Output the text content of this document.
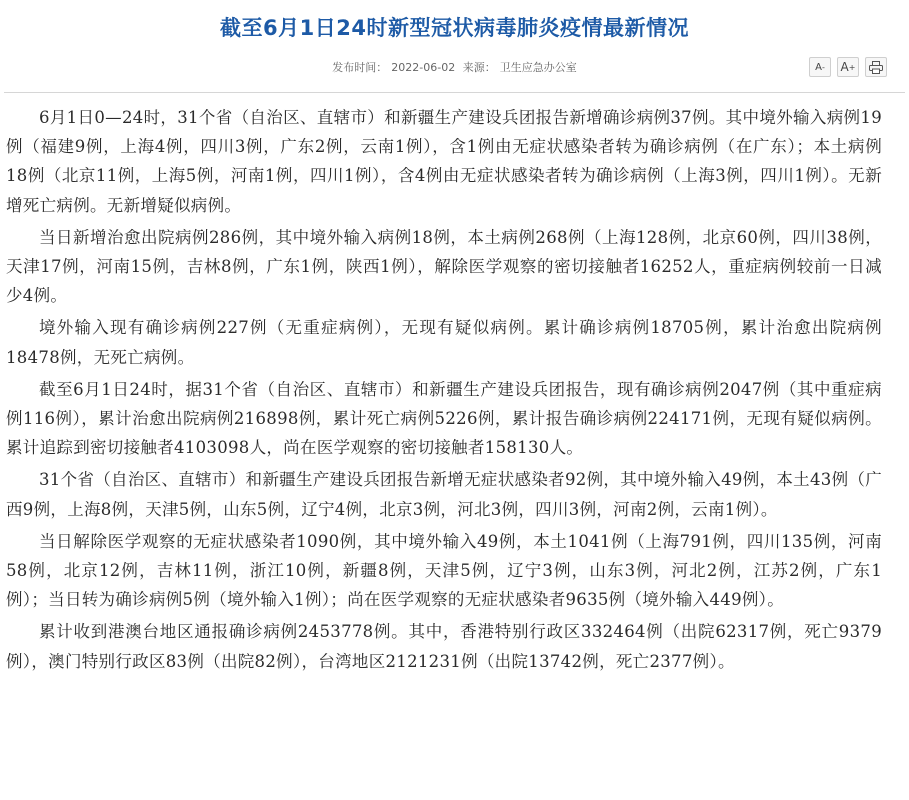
截至6月1日24时新型冠状病毒肺炎疫情最新情况
发布时间： 2022-06-02 来源： 卫生应急办公室	A - A +

6月1日0—24时，31个省（自治区、直辖市）和新疆生产建设兵团报告新增确诊病例37例。其中境外输入病例19例（福建9例，上海4例，四川3例，广东2例，云南1例），含1例由无症状感染者转为确诊病例（在广东）；本土病例18例（北京11例，上海5例，河南1例，四川1例），含4例由无症状感染者转为确诊病例（上海3例，四川1例）。无新增死亡病例。无新增疑似病例。

当日新增治愈出院病例286例，其中境外输入病例18例，本土病例268例（上海128例，北京60例，四川38例，天津17例，河南15例，吉林8例，广东1例，陕西1例），解除医学观察的密切接触者16252人，重症病例较前一日减少4例。

境外输入现有确诊病例227例（无重症病例），无现有疑似病例。累计确诊病例18705例，累计治愈出院病例18478例，无死亡病例。

截至6月1日24时，据31个省（自治区、直辖市）和新疆生产建设兵团报告，现有确诊病例2047例（其中重症病例116例），累计治愈出院病例216898例，累计死亡病例5226例，累计报告确诊病例224171例，无现有疑似病例。累计追踪到密切接触者4103098人，尚在医学观察的密切接触者158130人。

31个省（自治区、直辖市）和新疆生产建设兵团报告新增无症状感染者92例，其中境外输入49例，本土43例（广西9例，上海8例，天津5例，山东5例，辽宁4例，北京3例，河北3例，四川3例，河南2例，云南1例）。

当日解除医学观察的无症状感染者1090例，其中境外输入49例，本土1041例（上海791例，四川135例，河南58例，北京12例，吉林11例，浙江10例，新疆8例，天津5例，辽宁3例，山东3例，河北2例，江苏2例，广东1例）；当日转为确诊病例5例（境外输入1例）；尚在医学观察的无症状感染者9635例（境外输入449例）。

累计收到港澳台地区通报确诊病例2453778例。其中，香港特别行政区332464例（出院62317例，死亡9379例），澳门特别行政区83例（出院82例），台湾地区2121231例（出院13742例，死亡2377例）。
